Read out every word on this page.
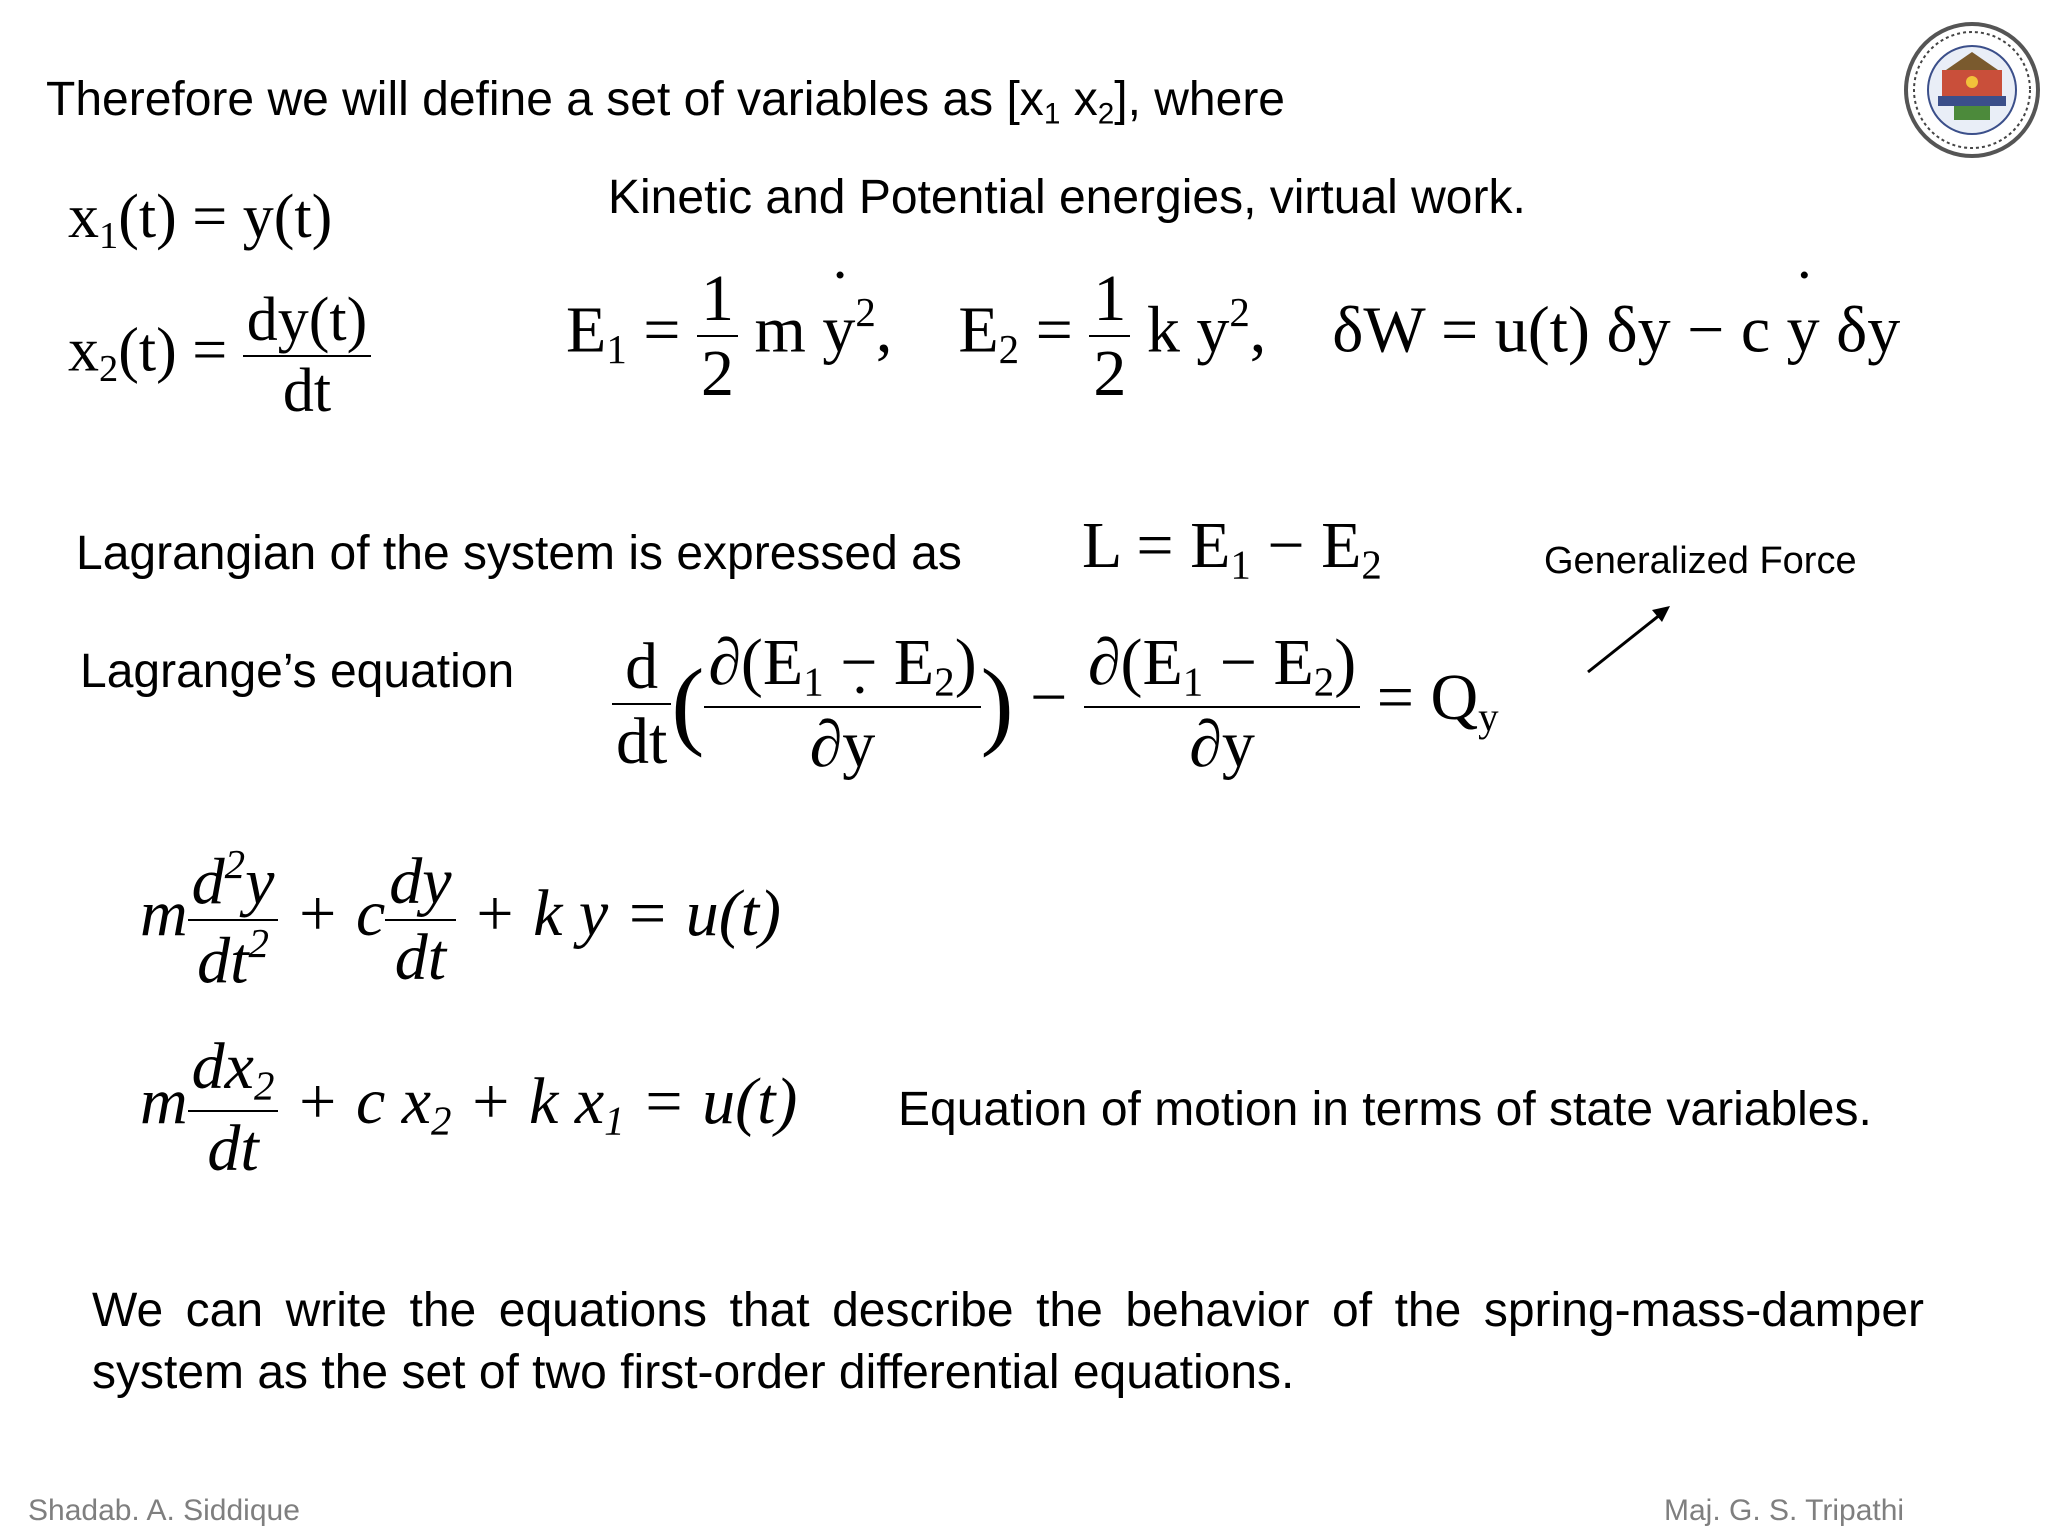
Therefore we will define a set of variables as [$x_1$ $x_2$], where
$x_1(t) = y(t)$
$x_2(t) = \frac{dy(t)}{dt}$
Kinetic and Potential energies, virtual work.
$E_1 = \frac{1}{2}$ m ˙ $y^2$,    $E_2 = \frac{1}{2}$ k $y^2$,    δW = u(t) δy − c ˙ y δy
Lagrangian of the system is expressed as $L = E_1 - E_2$	Generalized Force
Lagrange’s equation $\frac{d}{dt}$ ( $\frac{\partial(E_1 - E_2)}{\partial˙ y}$ ) − $\frac{\partial(E_1 - E_2)}{\partial y} = Q_y$
m $\frac{d^2y}{dt^2} + c \frac{dy}{dt} + k$ y = u(t)
m $\frac{dx_2}{dt} + c$ $x_2 + k$ $x_1 = u(t)$ Equation of motion in terms of state variables.
We can write the equations that describe the behavior of the spring-mass-damper system as the set of two first-order differential equations.
Shadab. A. Siddique	Maj. G. S. Tripathi
